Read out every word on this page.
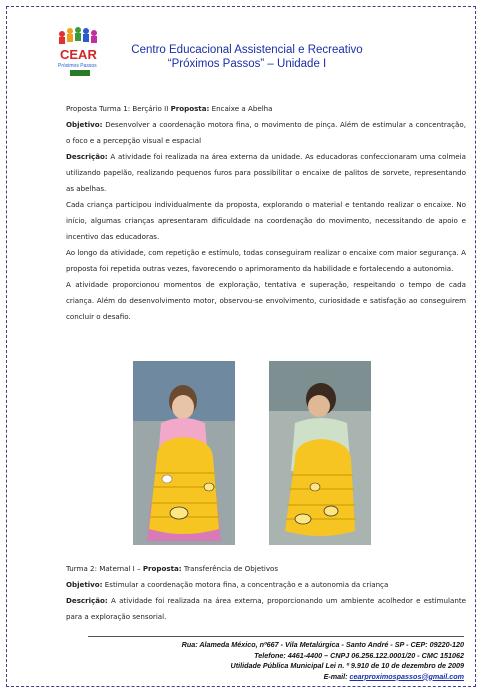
CEAR
Próximos Passos
Centro Educacional Assistencial e Recreativo
“Próximos Passos” – Unidade I

Proposta Turma 1: Berçário II Proposta: Encaixe a Abelha

Objetivo: Desenvolver a coordenação motora fina, o movimento de pinça. Além de estimular a concentração, o foco e a percepção visual e espacial

Descrição: A atividade foi realizada na área externa da unidade. As educadoras confeccionaram uma colmeia utilizando papelão, realizando pequenos furos para possibilitar o encaixe de palitos de sorvete, representando as abelhas.

Cada criança participou individualmente da proposta, explorando o material e tentando realizar o encaixe. No início, algumas crianças apresentaram dificuldade na coordenação do movimento, necessitando de apoio e incentivo das educadoras.

Ao longo da atividade, com repetição e estímulo, todas conseguiram realizar o encaixe com maior segurança. A proposta foi repetida outras vezes, favorecendo o aprimoramento da habilidade e fortalecendo a autonomia.

A atividade proporcionou momentos de exploração, tentativa e superação, respeitando o tempo de cada criança. Além do desenvolvimento motor, observou-se envolvimento, curiosidade e satisfação ao conseguirem concluir o desafio.

Turma 2: Maternal I – Proposta: Transferência de Objetivos

Objetivo: Estimular a coordenação motora fina, a concentração e a autonomia da criança

Descrição: A atividade foi realizada na área externa, proporcionando um ambiente acolhedor e estimulante para a exploração sensorial.

Rua: Alameda México, nº667 - Vila Metalúrgica - Santo André - SP - CEP: 09220-120
Telefone: 4461-4400 – CNPJ 06.256.122.0001/20 - CMC 151062
Utilidade Pública Municipal Lei n. º 9.910 de 10 de dezembro de 2009
E-mail: cearproximospassos@gmail.com
